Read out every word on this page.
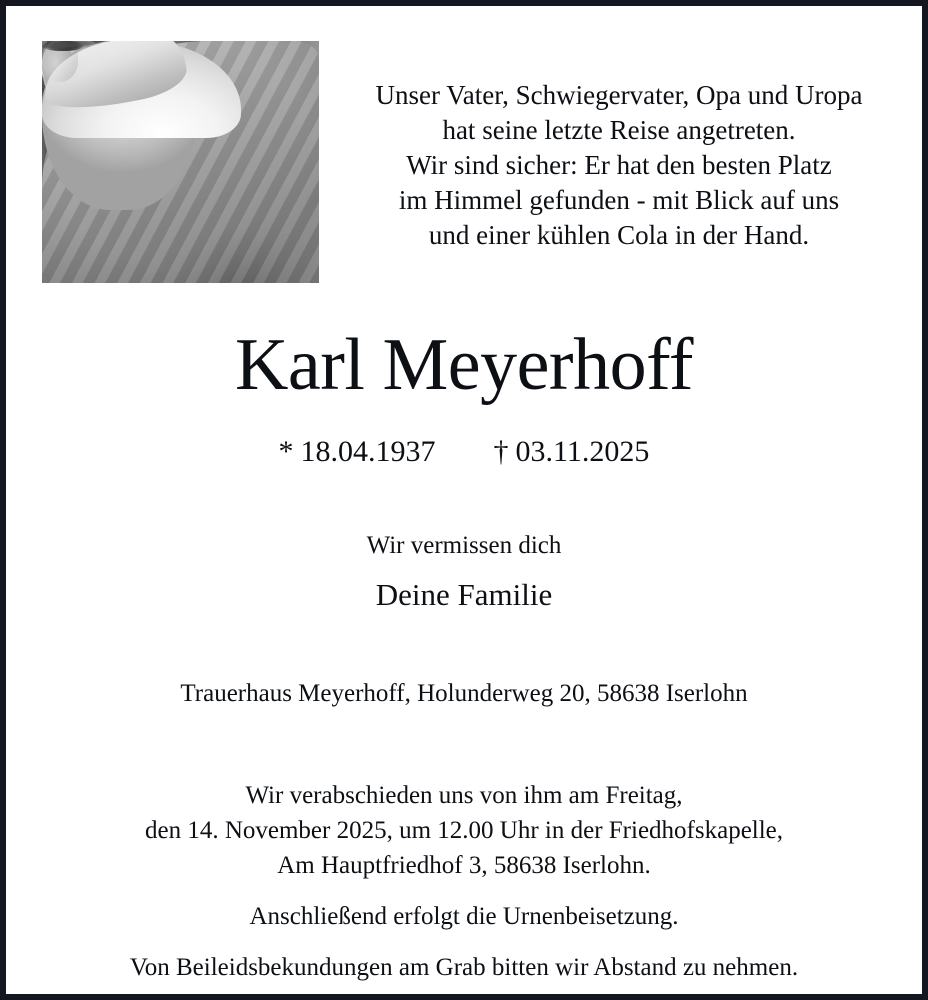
Unser Vater, Schwiegervater, Opa und Uropa
hat seine letzte Reise angetreten.
Wir sind sicher: Er hat den besten Platz
im Himmel gefunden - mit Blick auf uns
und einer kühlen Cola in der Hand.
Karl Meyerhoff
* 18.04.1937 † 03.11.2025
Wir vermissen dich
Deine Familie
Trauerhaus Meyerhoff, Holunderweg 20, 58638 Iserlohn
Wir verabschieden uns von ihm am Freitag,
den 14. November 2025, um 12.00 Uhr in der Friedhofskapelle,
Am Hauptfriedhof 3, 58638 Iserlohn.
Anschließend erfolgt die Urnenbeisetzung.
Von Beileidsbekundungen am Grab bitten wir Abstand zu nehmen.
